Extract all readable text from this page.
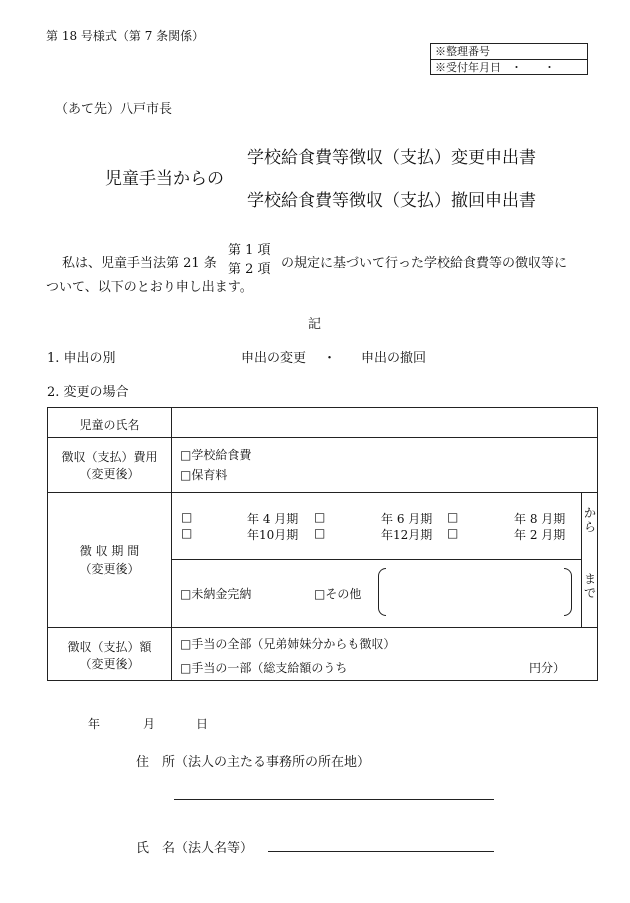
第 18 号様式（第 7 条関係）
※整理番号
※受付年月日 ・　　・
（あて先）八戸市長
学校給食費等徴収（支払）変更申出書
児童手当からの
学校給食費等徴収（支払）撤回申出書
私は、児童手当法第 21 条
第 1 項
第 2 項 の規定に基づいて行った学校給食費等の徴収等に
ついて、以下のとおり申し出ます。
記
1. 申出の別	申出の変更 ・ 申出の撤回
2. 変更の場合
児童の氏名
徴収（支払）費用
（変更後）
□学校給食費
□保育料
徴 収 期 間
（変更後）
□	年 4 月期 □	年 6 月期 □	年 8 月期
□	年10月期 □	年12月期 □	年 2 月期
から
まで
□未納金完納	□その他
徴収（支払）額
（変更後）
□手当の全部（兄弟姉妹分からも徴収）
□手当の一部（総支給額のうち	円分）
年	月	日
住　所（法人の主たる事務所の所在地）
氏　名（法人名等）
